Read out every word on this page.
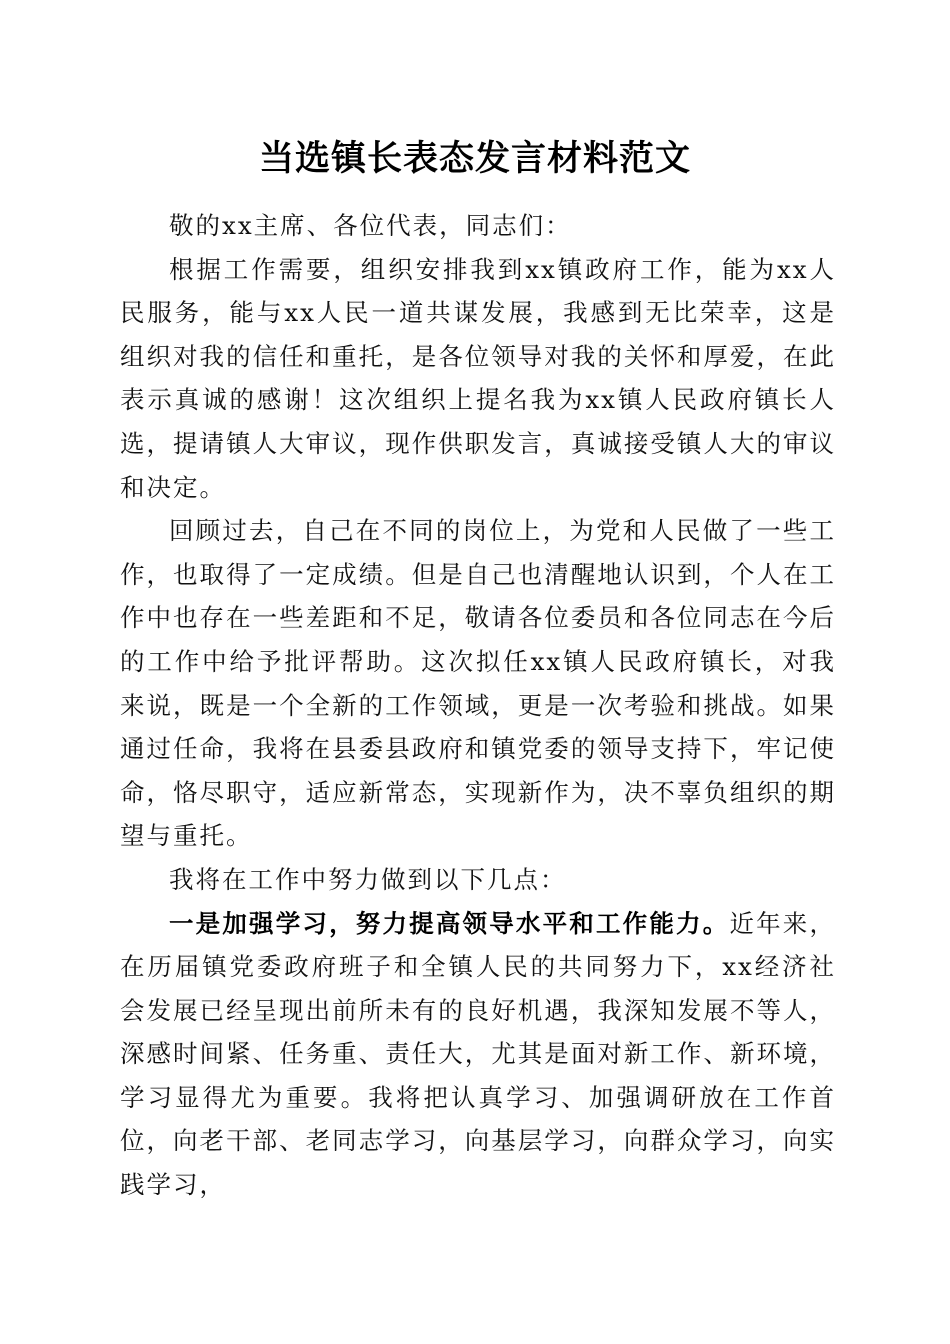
当选镇长表态发言材料范文

敬的xx主席、各位代表，同志们：

根据工作需要，组织安排我到xx镇政府工作，能为xx人民服务，能与xx人民一道共谋发展，我感到无比荣幸，这是组织对我的信任和重托，是各位领导对我的关怀和厚爱，在此表示真诚的感谢！这次组织上提名我为xx镇人民政府镇长人选，提请镇人大审议，现作供职发言，真诚接受镇人大的审议和决定。

回顾过去，自己在不同的岗位上，为党和人民做了一些工作，也取得了一定成绩。但是自己也清醒地认识到，个人在工作中也存在一些差距和不足，敬请各位委员和各位同志在今后的工作中给予批评帮助。这次拟任xx镇人民政府镇长，对我来说，既是一个全新的工作领域，更是一次考验和挑战。如果通过任命，我将在县委县政府和镇党委的领导支持下，牢记使命，恪尽职守，适应新常态，实现新作为，决不辜负组织的期望与重托。

我将在工作中努力做到以下几点：

一是加强学习，努力提高领导水平和工作能力。近年来，在历届镇党委政府班子和全镇人民的共同努力下，xx经济社会发展已经呈现出前所未有的良好机遇，我深知发展不等人，深感时间紧、任务重、责任大，尤其是面对新工作、新环境，学习显得尤为重要。我将把认真学习、加强调研放在工作首位，向老干部、老同志学习，向基层学习，向群众学习，向实践学习，
